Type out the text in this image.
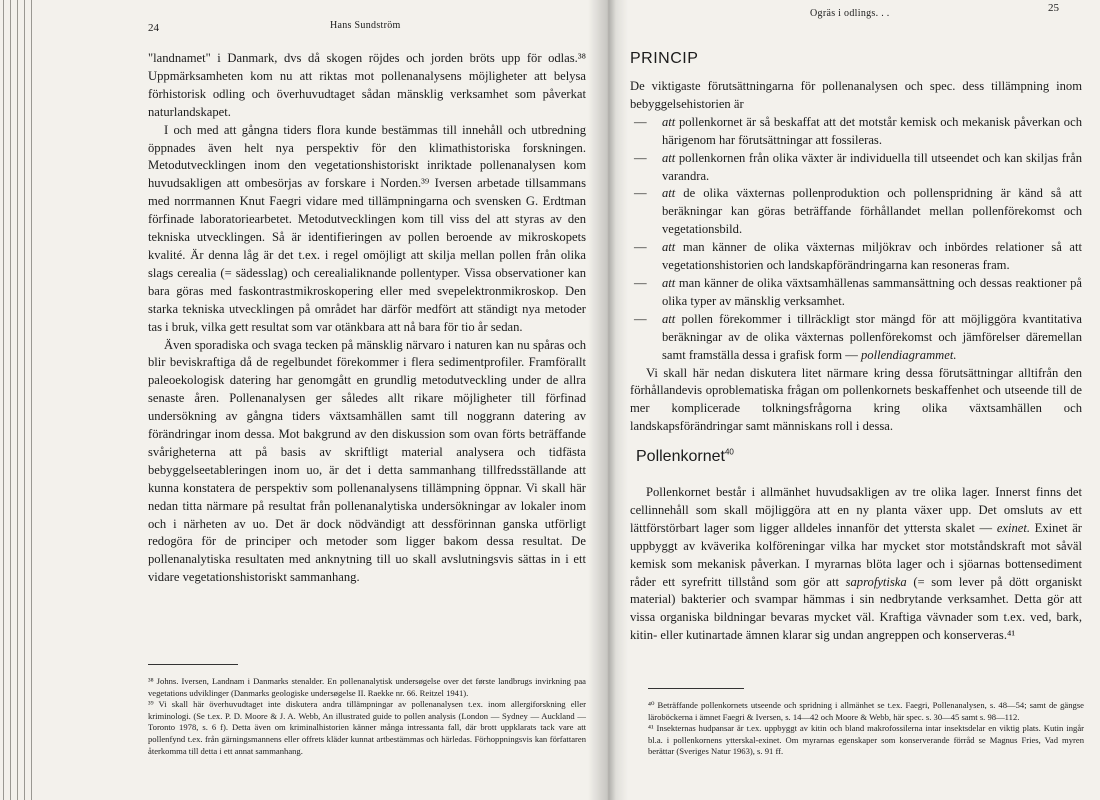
24	Hans Sundström

"landnamet" i Danmark, dvs då skogen röjdes och jorden bröts upp för odlas.³⁸ Uppmärksamheten kom nu att riktas mot pollenanalysens möjligheter att belysa förhistorisk odling och överhuvudtaget sådan mänsklig verksamhet som påverkat naturlandskapet.

I och med att gångna tiders flora kunde bestämmas till innehåll och utbredning öppnades även helt nya perspektiv för den klimathistoriska forskningen. Metodutvecklingen inom den vegetationshistoriskt inriktade pollenanalysen kom huvudsakligen att ombesörjas av forskare i Norden.³⁹ Iversen arbetade tillsammans med norrmannen Knut Faegri vidare med tillämpningarna och svensken G. Erdtman förfinade laboratoriearbetet. Metodutvecklingen kom till viss del att styras av den tekniska utvecklingen. Så är identifieringen av pollen beroende av mikroskopets kvalité. Är denna låg är det t.ex. i regel omöjligt att skilja mellan pollen från olika slags cerealia (= sädesslag) och cerealialiknande pollentyper. Vissa observationer kan bara göras med faskontrastmikroskopering eller med svepelektronmikroskop. Den starka tekniska utvecklingen på området har därför medfört att ständigt nya metoder tas i bruk, vilka gett resultat som var otänkbara att nå bara för tio år sedan.

Även sporadiska och svaga tecken på mänsklig närvaro i naturen kan nu spåras och blir beviskraftiga då de regelbundet förekommer i flera sedimentprofiler. Framförallt paleoekologisk datering har genomgått en grundlig metodutveckling under de allra senaste åren. Pollenanalysen ger således allt rikare möjligheter till förfinad undersökning av gångna tiders växtsamhällen samt till noggrann datering av förändringar inom dessa. Mot bakgrund av den diskussion som ovan förts beträffande svårigheterna att på basis av skriftligt material analysera och tidfästa bebyggelseetableringen inom uo, är det i detta sammanhang tillfredsställande att kunna konstatera de perspektiv som pollenanalysens tillämpning öppnar. Vi skall här nedan titta närmare på resultat från pollenanalytiska undersökningar av lokaler inom och i närheten av uo. Det är dock nödvändigt att dessförinnan ganska utförligt redogöra för de principer och metoder som ligger bakom dessa resultat. De pollenanalytiska resultaten med anknytning till uo skall avslutningsvis sättas in i ett vidare vegetationshistoriskt sammanhang.

³⁸ Johns. Iversen, Landnam i Danmarks stenalder. En pollenanalytisk undersøgelse over det første landbrugs invirkning paa vegetations udviklinger (Danmarks geologiske undersøgelse II. Raekke nr. 66. Reitzel 1941).

³⁹ Vi skall här överhuvudtaget inte diskutera andra tillämpningar av pollenanalysen t.ex. inom allergiforskning eller kriminologi. (Se t.ex. P. D. Moore & J. A. Webb, An illustrated guide to pollen analysis (London — Sydney — Auckland — Toronto 1978, s. 6 f). Detta även om kriminalhistorien känner många intressanta fall, där brott uppklarats tack vare att pollenfynd t.ex. från gärningsmannens eller offrets kläder kunnat artbestämmas och härledas. Förhoppningsvis kan författaren återkomma till detta i ett annat sammanhang.

Ogräs i odlings. . .	25
PRINCIP

De viktigaste förutsättningarna för pollenanalysen och spec. dess tillämpning inom bebyggelsehistorien är

— att pollenkornet är så beskaffat att det motstår kemisk och mekanisk påverkan och härigenom har förutsättningar att fossileras.
— att pollenkornen från olika växter är individuella till utseendet och kan skiljas från varandra.
— att de olika växternas pollenproduktion och pollenspridning är känd så att beräkningar kan göras beträffande förhållandet mellan pollenförekomst och vegetationsbild.
— att man känner de olika växternas miljökrav och inbördes relationer så att vegetationshistorien och landskapförändringarna kan resoneras fram.
— att man känner de olika växtsamhällenas sammansättning och dessas reaktioner på olika typer av mänsklig verksamhet.
— att pollen förekommer i tillräckligt stor mängd för att möjliggöra kvantitativa beräkningar av de olika växternas pollenförekomst och jämförelser däremellan samt framställa dessa i grafisk form — pollendiagrammet.

Vi skall här nedan diskutera litet närmare kring dessa förutsättningar alltifrån den förhållandevis oproblematiska frågan om pollenkornets beskaffenhet och utseende till de mer komplicerade tolkningsfrågorna kring olika växtsamhällen och landskapsförändringar samt människans roll i dessa.

Pollenkornet$^{40}$

Pollenkornet består i allmänhet huvudsakligen av tre olika lager. Innerst finns det cellinnehåll som skall möjliggöra att en ny planta växer upp. Det omsluts av ett lättförstörbart lager som ligger alldeles innanför det yttersta skalet — exinet. Exinet är uppbyggt av kväverika kolföreningar vilka har mycket stor motståndskraft mot såväl kemisk som mekanisk påverkan. I myrarnas blöta lager och i sjöarnas bottensediment råder ett syrefritt tillstånd som gör att saprofytiska (= som lever på dött organiskt material) bakterier och svampar hämmas i sin nedbrytande verksamhet. Detta gör att vissa organiska bildningar bevaras mycket väl. Kraftiga vävnader som t.ex. ved, bark, kitin- eller kutinartade ämnen klarar sig undan angreppen och konserveras.⁴¹

⁴⁰ Beträffande pollenkornets utseende och spridning i allmänhet se t.ex. Faegri, Pollenanalysen, s. 48—54; samt de gängse läroböckerna i ämnet Faegri & Iversen, s. 14—42 och Moore & Webb, här spec. s. 30—45 samt s. 98—112.

⁴¹ Insekternas hudpansar är t.ex. uppbyggt av kitin och bland makrofossilerna intar insektsdelar en viktig plats. Kutin ingår bl.a. i pollenkornens ytterskal-exinet. Om myrarnas egenskaper som konserverande förråd se Magnus Fries, Vad myren berättar (Sveriges Natur 1963), s. 91 ff.
